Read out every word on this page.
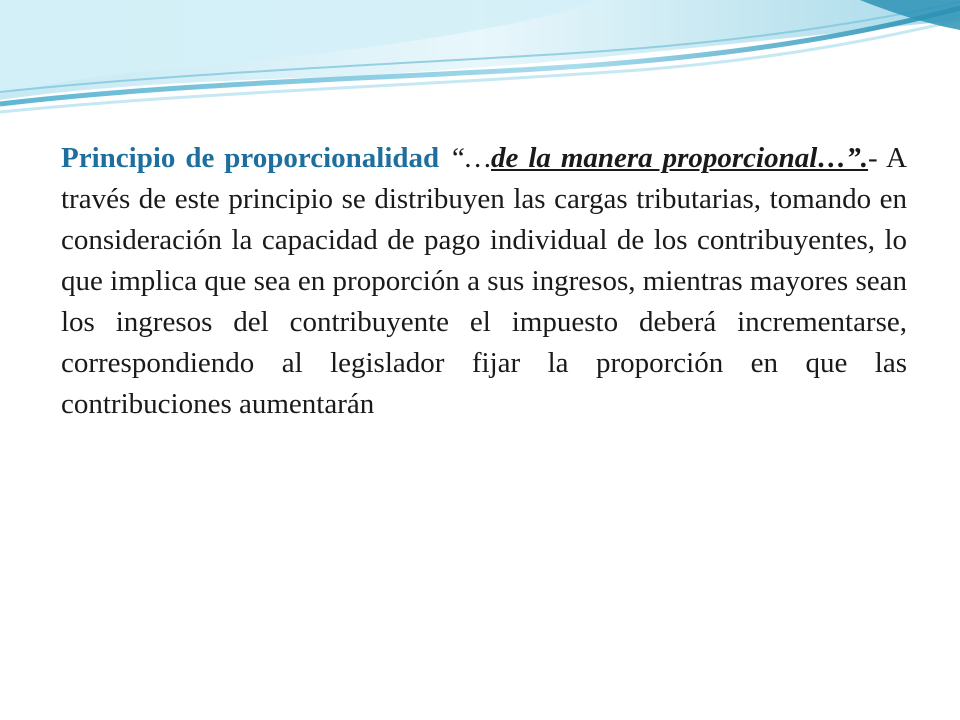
Principio de proporcionalidad “…de la manera proporcional…”.- A través de este principio se distribuyen las cargas tributarias, tomando en consideración la capacidad de pago individual de los contribuyentes, lo que implica que sea en proporción a sus ingresos, mientras mayores sean los ingresos del contribuyente el impuesto deberá incrementarse, correspondiendo al legislador fijar la proporción en que las contribuciones aumentarán
